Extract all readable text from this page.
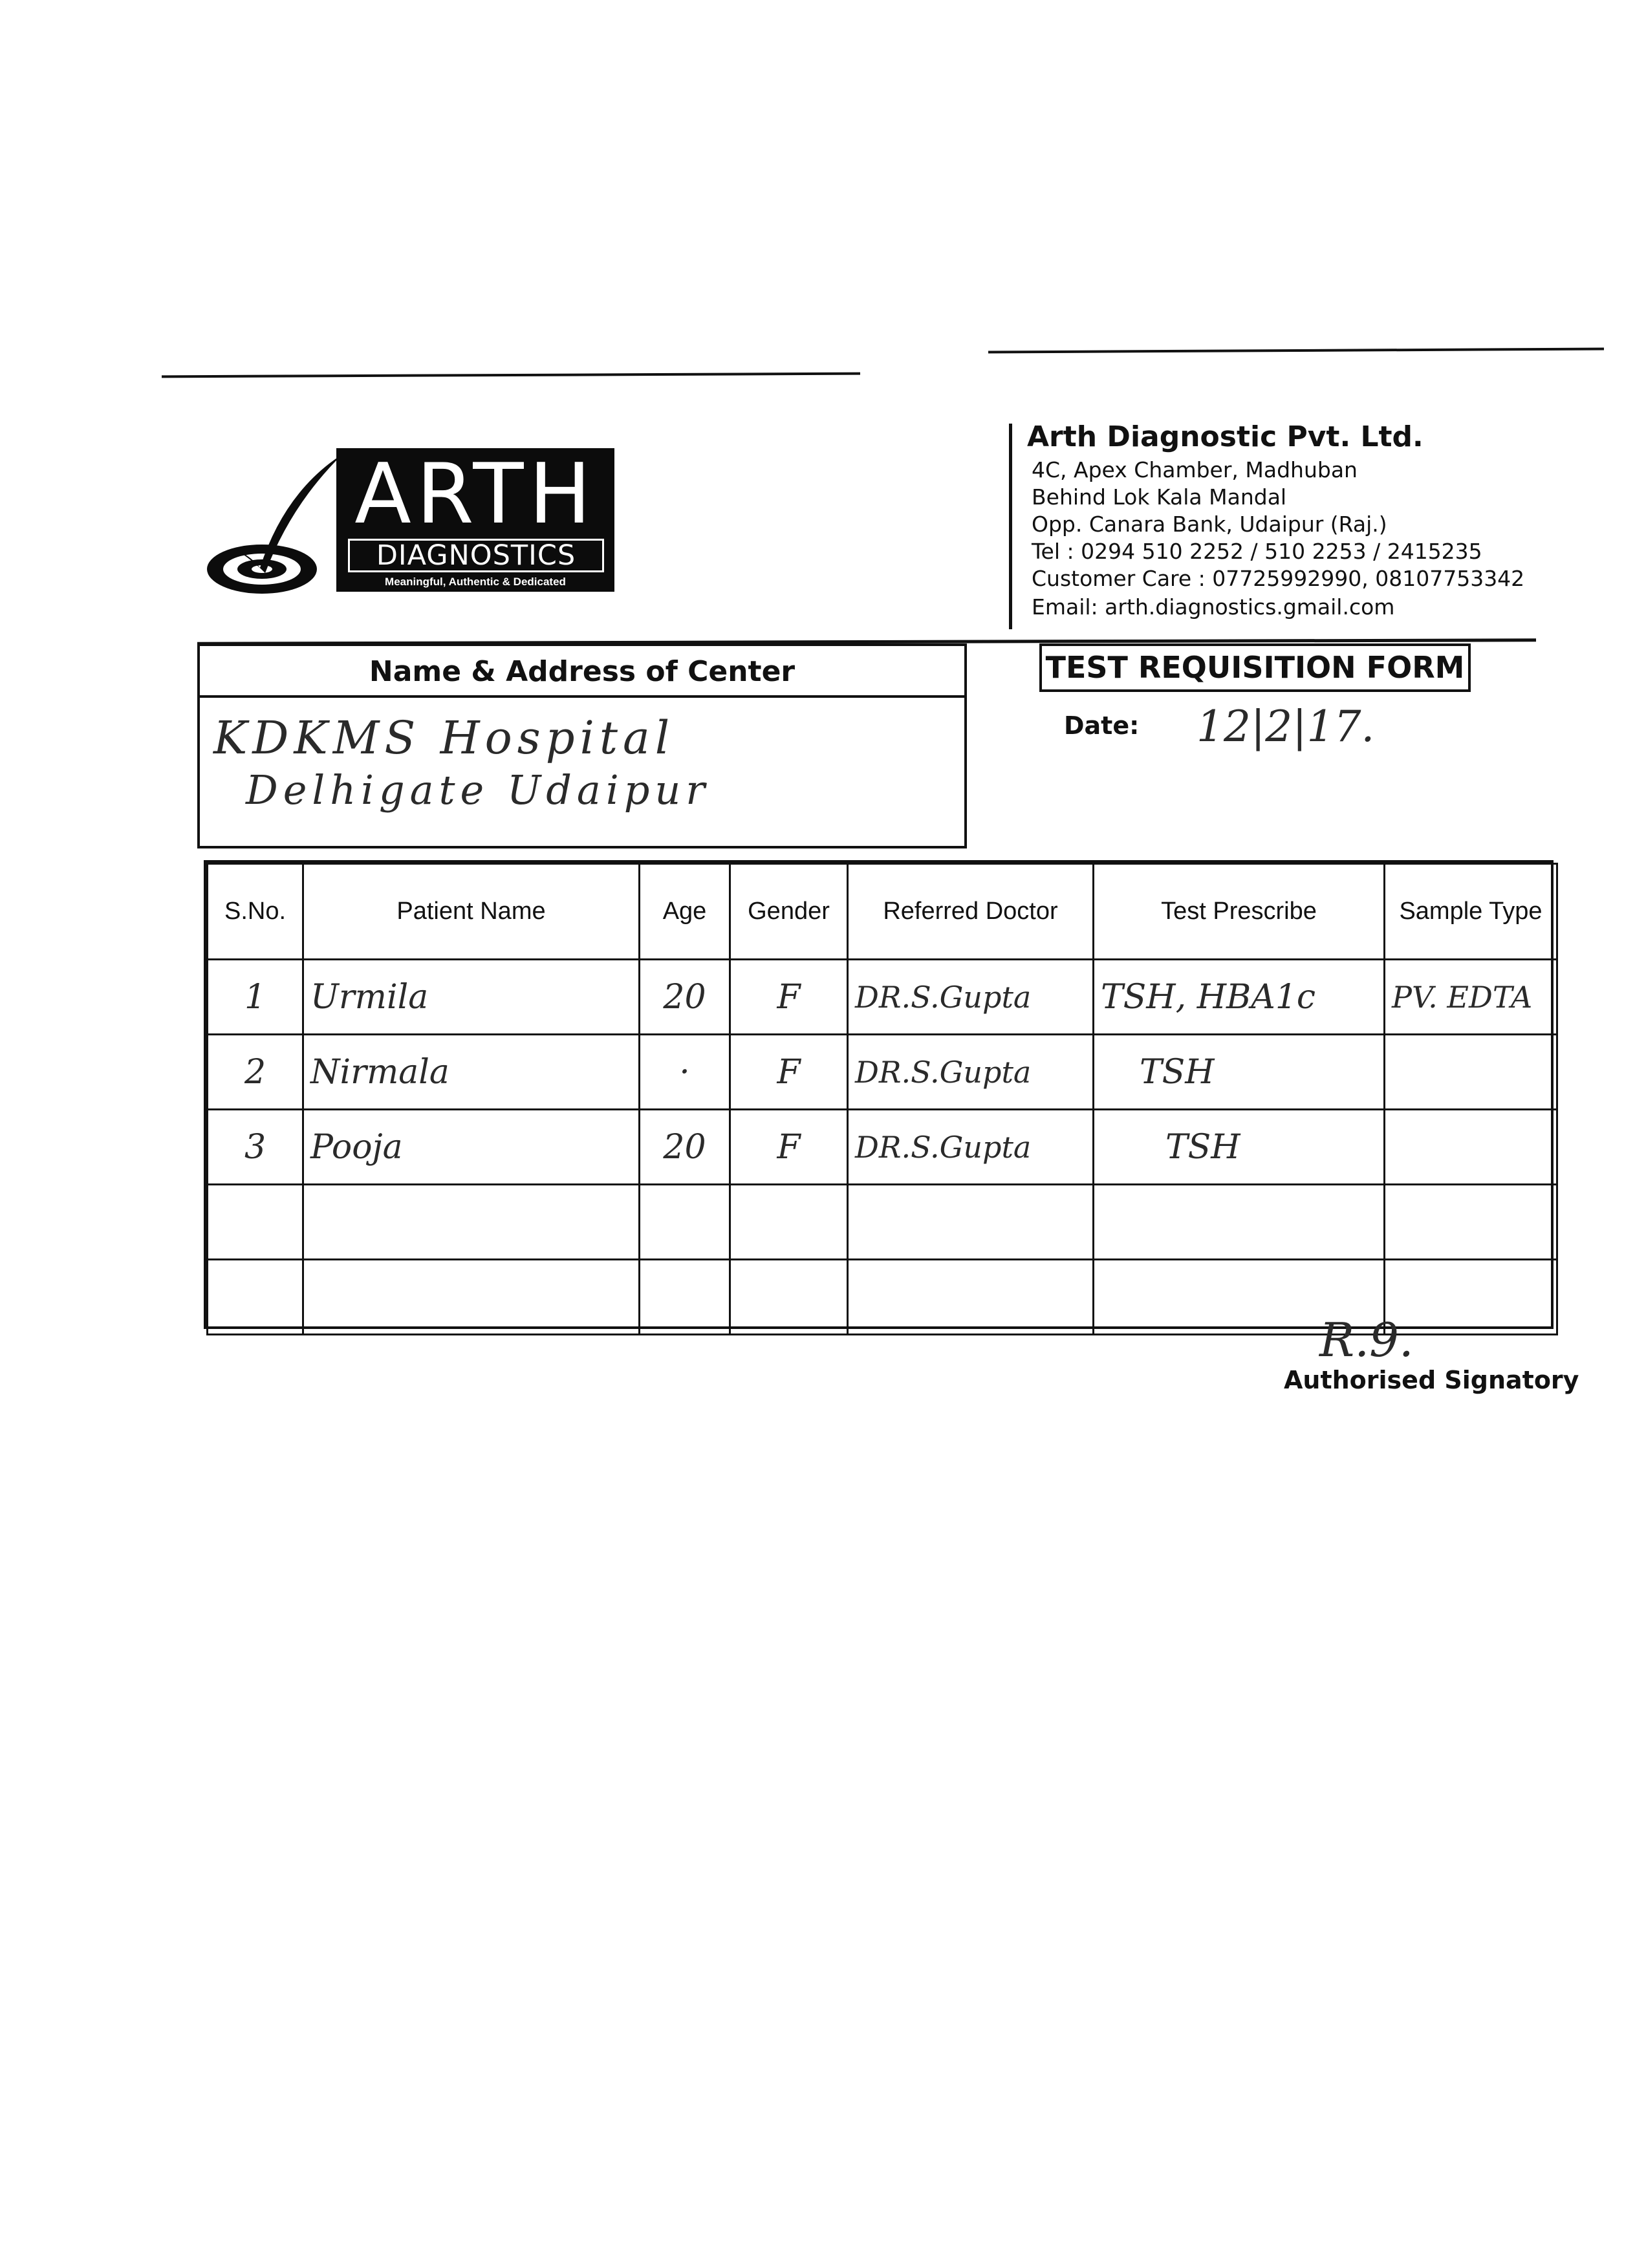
ARTH
DIAGNOSTICS
Meaningful, Authentic & Dedicated
Arth Diagnostic Pvt. Ltd.
4C, Apex Chamber, Madhuban
Behind Lok Kala Mandal
Opp. Canara Bank, Udaipur (Raj.)
Tel : 0294 510 2252 / 510 2253 / 2415235
Customer Care : 07725992990, 08107753342
Email: arth.diagnostics.gmail.com
Name & Address of Center
KDKMS Hospital
Delhigate Udaipur
TEST REQUISITION FORM
Date: 12|2|17.
S.No.	Patient Name	Age	Gender	Referred Doctor	Test Prescribe	Sample Type
1	Urmila	20	F	DR.S.Gupta	TSH, HBA1c	PV. EDTA
2	Nirmala	·	F	DR.S.Gupta	TSH	
3	Pooja	20	F	DR.S.Gupta	TSH	

R.9.
Authorised Signatory
